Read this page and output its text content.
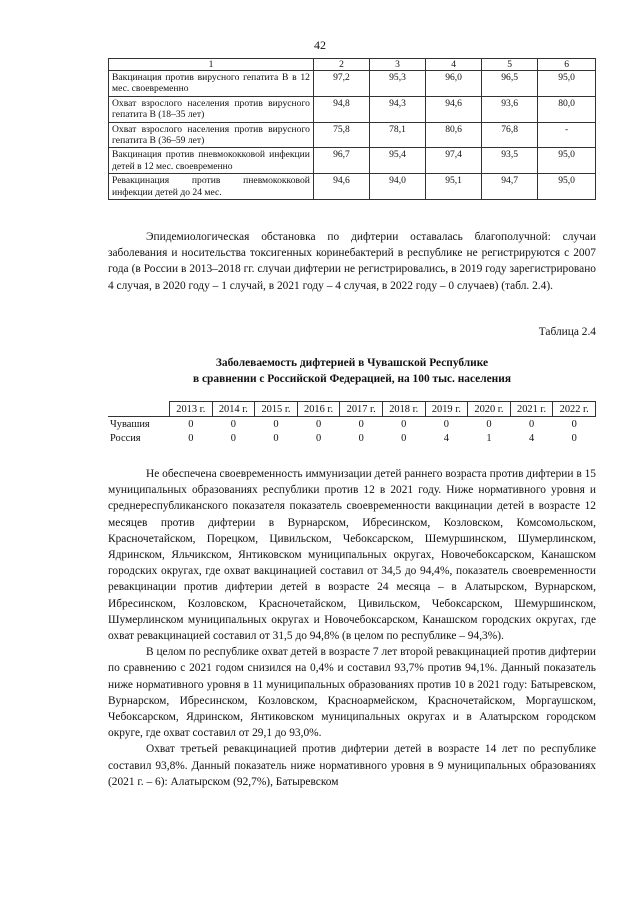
42
1	2	3	4	5	6
Вакцинация против вирусного гепатита В в 12 мес. своевременно	97,2	95,3	96,0	96,5	95,0
Охват взрослого населения против вирусного гепатита В (18–35 лет)	94,8	94,3	94,6	93,6	80,0
Охват взрослого населения против вирусного гепатита В (36–59 лет)	75,8	78,1	80,6	76,8	-
Вакцинация против пневмококковой инфекции детей в 12 мес. своевременно	96,7	95,4	97,4	93,5	95,0
Ревакцинация против пневмококковой инфекции детей до 24 мес.	94,6	94,0	95,1	94,7	95,0

Эпидемиологическая обстановка по дифтерии оставалась благополучной: случаи заболевания и носительства токсигенных коринебактерий в республике не регистрируются с 2007 года (в России в 2013–2018 гг. случаи дифтерии не регистрировались, в 2019 году зарегистрировано 4 случая, в 2020 году – 1 случай, в 2021 году – 4 случая, в 2022 году – 0 случаев) (табл. 2.4).

Таблица 2.4
Заболеваемость дифтерией в Чувашской Республике
в сравнении с Российской Федерацией, на 100 тыс. населения
	2013 г.	2014 г.	2015 г.	2016 г.	2017 г.	2018 г.	2019 г.	2020 г.	2021 г.	2022 г.
Чувашия	0	0	0	0	0	0	0	0	0	0
Россия	0	0	0	0	0	0	4	1	4	0

Не обеспечена своевременность иммунизации детей раннего возраста против дифтерии в 15 муниципальных образованиях республики против 12 в 2021 году. Ниже нормативного уровня и среднереспубликанского показателя показатель своевременности вакцинации детей в возрасте 12 месяцев против дифтерии в Вурнарском, Ибресинском, Козловском, Комсомольском, Красночетайском, Порецком, Цивильском, Чебоксарском, Шемуршинском, Шумерлинском, Ядринском, Яльчикском, Янтиковском муниципальных округах, Новочебоксарском, Канашском городских округах, где охват вакцинацией составил от 34,5 до 94,4%, показатель своевременности ревакцинации против дифтерии детей в возрасте 24 месяца – в Алатырском, Вурнарском, Ибресинском, Козловском, Красночетайском, Цивильском, Чебоксарском, Шемуршинском, Шумерлинском муниципальных округах и Новочебоксарском, Канашском городских округах, где охват ревакцинацией составил от 31,5 до 94,8% (в целом по республике – 94,3%).

В целом по республике охват детей в возрасте 7 лет второй ревакцинацией против дифтерии по сравнению с 2021 годом снизился на 0,4% и составил 93,7% против 94,1%. Данный показатель ниже нормативного уровня в 11 муниципальных образованиях против 10 в 2021 году: Батыревском, Вурнарском, Ибресинском, Козловском, Красноармейском, Красночетайском, Моргаушском, Чебоксарском, Ядринском, Янтиковском муниципальных округах и в Алатырском городском округе, где охват составил от 29,1 до 93,0%.

Охват третьей ревакцинацией против дифтерии детей в возрасте 14 лет по республике составил 93,8%. Данный показатель ниже нормативного уровня в 9 муниципальных образованиях (2021 г. – 6): Алатырском (92,7%), Батыревском
